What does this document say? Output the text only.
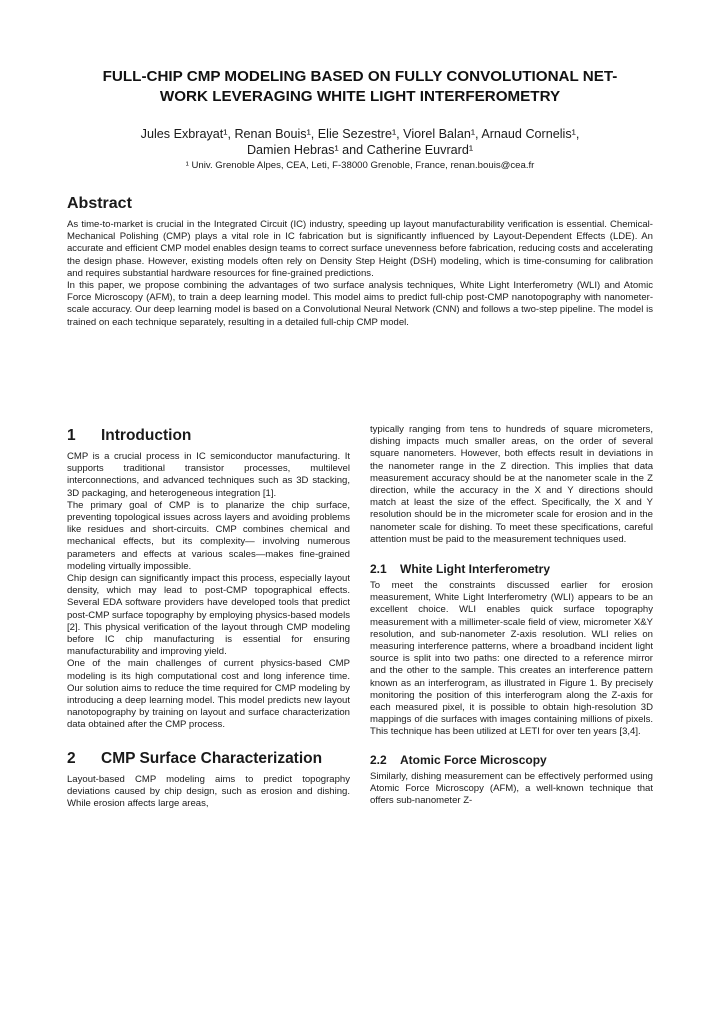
FULL-CHIP CMP MODELING BASED ON FULLY CONVOLUTIONAL NET-
WORK LEVERAGING WHITE LIGHT INTERFEROMETRY
Jules Exbrayat¹, Renan Bouis¹, Elie Sezestre¹, Viorel Balan¹, Arnaud Cornelis¹,
Damien Hebras¹ and Catherine Euvrard¹
¹ Univ. Grenoble Alpes, CEA, Leti, F-38000 Grenoble, France, renan.bouis@cea.fr
Abstract

As time-to-market is crucial in the Integrated Circuit (IC) industry, speeding up layout manufacturability verification is essential. Chemical-Mechanical Polishing (CMP) plays a vital role in IC fabrication but is significantly influenced by Layout-Dependent Effects (LDE). An accurate and efficient CMP model enables design teams to correct surface unevenness before fabrication, reducing costs and accelerating the design phase. However, existing models often rely on Density Step Height (DSH) modeling, which is time-consuming for calibration and requires substantial hardware resources for fine-grained predictions.

In this paper, we propose combining the advantages of two surface analysis techniques, White Light Interferometry (WLI) and Atomic Force Microscopy (AFM), to train a deep learning model. This model aims to predict full-chip post-CMP nanotopography with nanometer-scale accuracy. Our deep learning model is based on a Convolutional Neural Network (CNN) and follows a two-step pipeline. The model is trained on each technique separately, resulting in a detailed full-chip CMP model.

1	Introduction

CMP is a crucial process in IC semiconductor manufacturing. It supports traditional transistor processes, multilevel interconnections, and advanced techniques such as 3D stacking, 3D packaging, and heterogeneous integration [1].

The primary goal of CMP is to planarize the chip surface, preventing topological issues across layers and avoiding problems like residues and short-circuits. CMP combines chemical and mechanical effects, but its complexity— involving numerous parameters and effects at various scales—makes fine-grained modeling virtually impossible.

Chip design can significantly impact this process, especially layout density, which may lead to post-CMP topographical effects. Several EDA software providers have developed tools that predict post-CMP surface topography by employing physics-based models [2]. This physical verification of the layout through CMP modeling before IC chip manufacturing is essential for ensuring manufacturability and improving yield.

One of the main challenges of current physics-based CMP modeling is its high computational cost and long inference time. Our solution aims to reduce the time required for CMP modeling by introducing a deep learning model. This model predicts new layout nanotopography by training on layout and surface characterization data obtained after the CMP process.

2	CMP Surface Characterization

Layout-based CMP modeling aims to predict topography deviations caused by chip design, such as erosion and dishing. While erosion affects large areas,

typically ranging from tens to hundreds of square micrometers, dishing impacts much smaller areas, on the order of several square nanometers. However, both effects result in deviations in the nanometer range in the Z direction. This implies that data measurement accuracy should be at the nanometer scale in the Z direction, while the accuracy in the X and Y directions should match at least the size of the effect. Specifically, the X and Y resolution should be in the micrometer scale for erosion and in the nanometer scale for dishing. To meet these specifications, careful attention must be paid to the measurement techniques used.

2.1	White Light Interferometry

To meet the constraints discussed earlier for erosion measurement, White Light Interferometry (WLI) appears to be an excellent choice. WLI enables quick surface topography measurement with a millimeter-scale field of view, micrometer X&Y resolution, and sub-nanometer Z-axis resolution. WLI relies on measuring interference patterns, where a broadband incident light source is split into two paths: one directed to a reference mirror and the other to the sample. This creates an interference pattern known as an interferogram, as illustrated in Figure 1. By precisely monitoring the position of this interferogram along the Z-axis for each measured pixel, it is possible to obtain high-resolution 3D mappings of die surfaces with images containing millions of pixels. This technique has been utilized at LETI for over ten years [3,4].

2.2	Atomic Force Microscopy

Similarly, dishing measurement can be effectively performed using Atomic Force Microscopy (AFM), a well-known technique that offers sub-nanometer Z-
